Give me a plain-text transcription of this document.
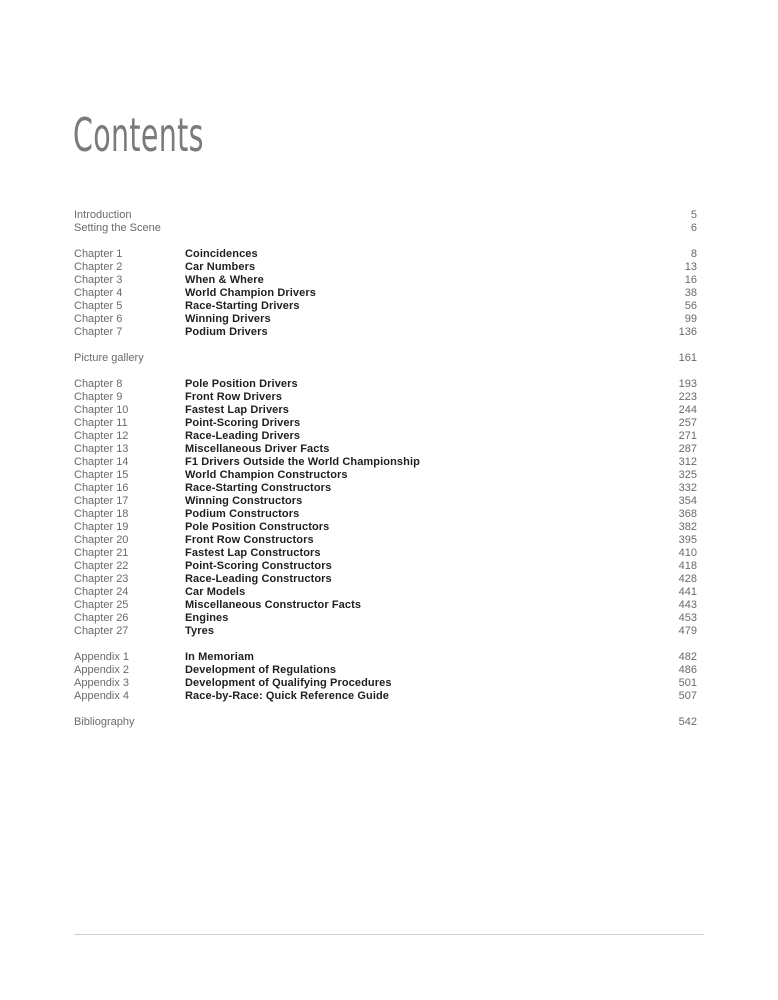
Contents
Introduction	5
Setting the Scene	6
Chapter 1	Coincidences	8
Chapter 2	Car Numbers	13
Chapter 3	When & Where	16
Chapter 4	World Champion Drivers	38
Chapter 5	Race-Starting Drivers	56
Chapter 6	Winning Drivers	99
Chapter 7	Podium Drivers	136
Picture gallery	161
Chapter 8	Pole Position Drivers	193
Chapter 9	Front Row Drivers	223
Chapter 10	Fastest Lap Drivers	244
Chapter 11	Point-Scoring Drivers	257
Chapter 12	Race-Leading Drivers	271
Chapter 13	Miscellaneous Driver Facts	287
Chapter 14	F1 Drivers Outside the World Championship	312
Chapter 15	World Champion Constructors	325
Chapter 16	Race-Starting Constructors	332
Chapter 17	Winning Constructors	354
Chapter 18	Podium Constructors	368
Chapter 19	Pole Position Constructors	382
Chapter 20	Front Row Constructors	395
Chapter 21	Fastest Lap Constructors	410
Chapter 22	Point-Scoring Constructors	418
Chapter 23	Race-Leading Constructors	428
Chapter 24	Car Models	441
Chapter 25	Miscellaneous Constructor Facts	443
Chapter 26	Engines	453
Chapter 27	Tyres	479
Appendix 1	In Memoriam	482
Appendix 2	Development of Regulations	486
Appendix 3	Development of Qualifying Procedures	501
Appendix 4	Race-by-Race: Quick Reference Guide	507
Bibliography	542
